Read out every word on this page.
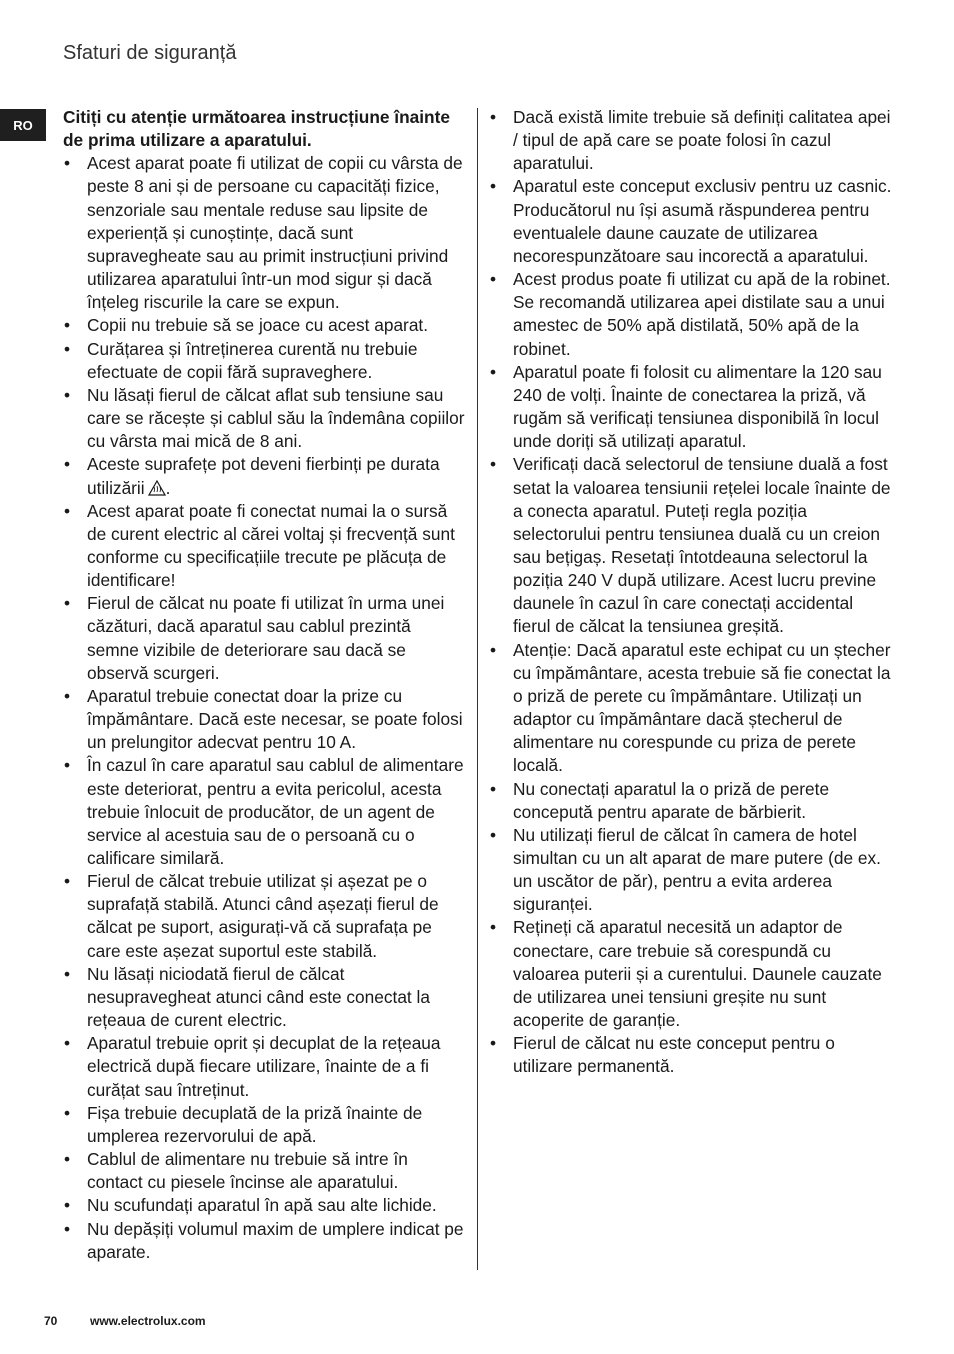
Sfaturi de siguranță
RO	Citiți cu atenție următoarea instrucțiune înainte de prima utilizare a aparatului.

• Acest aparat poate fi utilizat de copii cu vârsta de peste 8 ani și de persoane cu capacități fizice, senzoriale sau mentale reduse sau lipsite de experiență și cunoștințe, dacă sunt supravegheate sau au primit instrucțiuni privind utilizarea aparatului într-un mod sigur și dacă înțeleg riscurile la care se expun.
• Copii nu trebuie să se joace cu acest aparat.
• Curățarea și întreținerea curentă nu trebuie efectuate de copii fără supraveghere.
• Nu lăsați fierul de călcat aflat sub tensiune sau care se răcește și cablul său la îndemâna copiilor cu vârsta mai mică de 8 ani.
• Aceste suprafețe pot deveni fierbinți pe durata utilizării .
• Acest aparat poate fi conectat numai la o sursă de curent electric al cărei voltaj și frecvență sunt conforme cu specificațiile trecute pe plăcuța de identificare!
• Fierul de călcat nu poate fi utilizat în urma unei căzături, dacă aparatul sau cablul prezintă semne vizibile de deteriorare sau dacă se observă scurgeri.
• Aparatul trebuie conectat doar la prize cu împământare. Dacă este necesar, se poate folosi un prelungitor adecvat pentru 10 A.
• În cazul în care aparatul sau cablul de alimentare este deteriorat, pentru a evita pericolul, acesta trebuie înlocuit de producător, de un agent de service al acestuia sau de o persoană cu o calificare similară.
• Fierul de călcat trebuie utilizat și așezat pe o suprafață stabilă. Atunci când așezați fierul de călcat pe suport, asigurați-vă că suprafața pe care este așezat suportul este stabilă.
• Nu lăsați niciodată fierul de călcat nesupravegheat atunci când este conectat la rețeaua de curent electric.
• Aparatul trebuie oprit și decuplat de la rețeaua electrică după fiecare utilizare, înainte de a fi curățat sau întreținut.
• Fișa trebuie decuplată de la priză înainte de umplerea rezervorului de apă.
• Cablul de alimentare nu trebuie să intre în contact cu piesele încinse ale aparatului.
• Nu scufundați aparatul în apă sau alte lichide.
• Nu depășiți volumul maxim de umplere indicat pe aparate.
• Dacă există limite trebuie să definiți calitatea apei / tipul de apă care se poate folosi în cazul aparatului.
• Aparatul este conceput exclusiv pentru uz casnic. Producătorul nu își asumă răspunderea pentru eventualele daune cauzate de utilizarea necorespunzătoare sau incorectă a aparatului.
• Acest produs poate fi utilizat cu apă de la robinet. Se recomandă utilizarea apei distilate sau a unui amestec de 50% apă distilată, 50% apă de la robinet.
• Aparatul poate fi folosit cu alimentare la 120 sau 240 de volți. Înainte de conectarea la priză, vă rugăm să verificați tensiunea disponibilă în locul unde doriți să utilizați aparatul.
• Verificați dacă selectorul de tensiune duală a fost setat la valoarea tensiunii rețelei locale înainte de a conecta aparatul. Puteți regla poziția selectorului pentru tensiunea duală cu un creion sau bețigaș. Resetați întotdeauna selectorul la poziția 240 V după utilizare. Acest lucru previne daunele în cazul în care conectați accidental fierul de călcat la tensiunea greșită.
• Atenție: Dacă aparatul este echipat cu un ștecher cu împământare, acesta trebuie să fie conectat la o priză de perete cu împământare. Utilizați un adaptor cu împământare dacă ștecherul de alimentare nu corespunde cu priza de perete locală.
• Nu conectați aparatul la o priză de perete concepută pentru aparate de bărbierit.
• Nu utilizați fierul de călcat în camera de hotel simultan cu un alt aparat de mare putere (de ex. un uscător de păr), pentru a evita arderea siguranței.
• Rețineți că aparatul necesită un adaptor de conectare, care trebuie să corespundă cu valoarea puterii și a curentului. Daunele cauzate de utilizarea unei tensiuni greșite nu sunt acoperite de garanție.
• Fierul de călcat nu este conceput pentru o utilizare permanentă.
70	www.electrolux.com
